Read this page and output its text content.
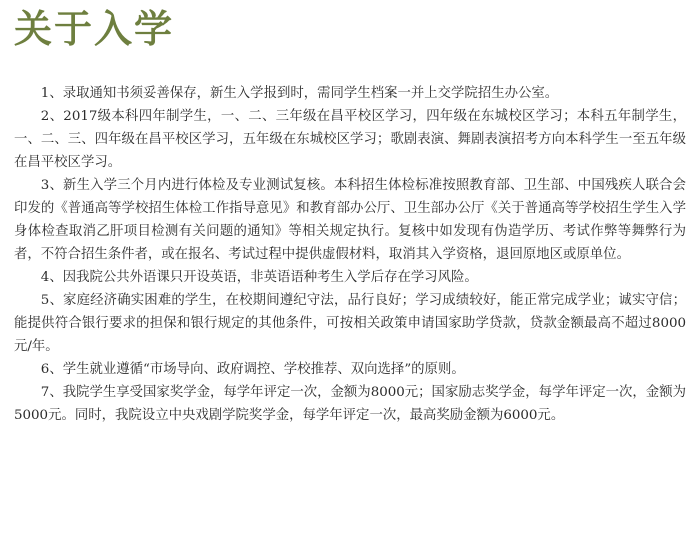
关于入学

1、录取通知书须妥善保存，新生入学报到时，需同学生档案一并上交学院招生办公室。

2、2017级本科四年制学生，一、二、三年级在昌平校区学习，四年级在东城校区学习；本科五年制学生，一、二、三、四年级在昌平校区学习，五年级在东城校区学习；歌剧表演、舞剧表演招考方向本科学生一至五年级在昌平校区学习。

3、新生入学三个月内进行体检及专业测试复核。本科招生体检标准按照教育部、卫生部、中国残疾人联合会印发的《普通高等学校招生体检工作指导意见》和教育部办公厅、卫生部办公厅《关于普通高等学校招生学生入学身体检查取消乙肝项目检测有关问题的通知》等相关规定执行。复核中如发现有伪造学历、考试作弊等舞弊行为者，不符合招生条件者，或在报名、考试过程中提供虚假材料，取消其入学资格，退回原地区或原单位。

4、因我院公共外语课只开设英语，非英语语种考生入学后存在学习风险。

5、家庭经济确实困难的学生，在校期间遵纪守法，品行良好；学习成绩较好，能正常完成学业；诚实守信；能提供符合银行要求的担保和银行规定的其他条件，可按相关政策申请国家助学贷款，贷款金额最高不超过8000元/年。

6、学生就业遵循“市场导向、政府调控、学校推荐、双向选择”的原则。

7、我院学生享受国家奖学金，每学年评定一次，金额为8000元；国家励志奖学金，每学年评定一次，金额为5000元。同时，我院设立中央戏剧学院奖学金，每学年评定一次，最高奖励金额为6000元。
